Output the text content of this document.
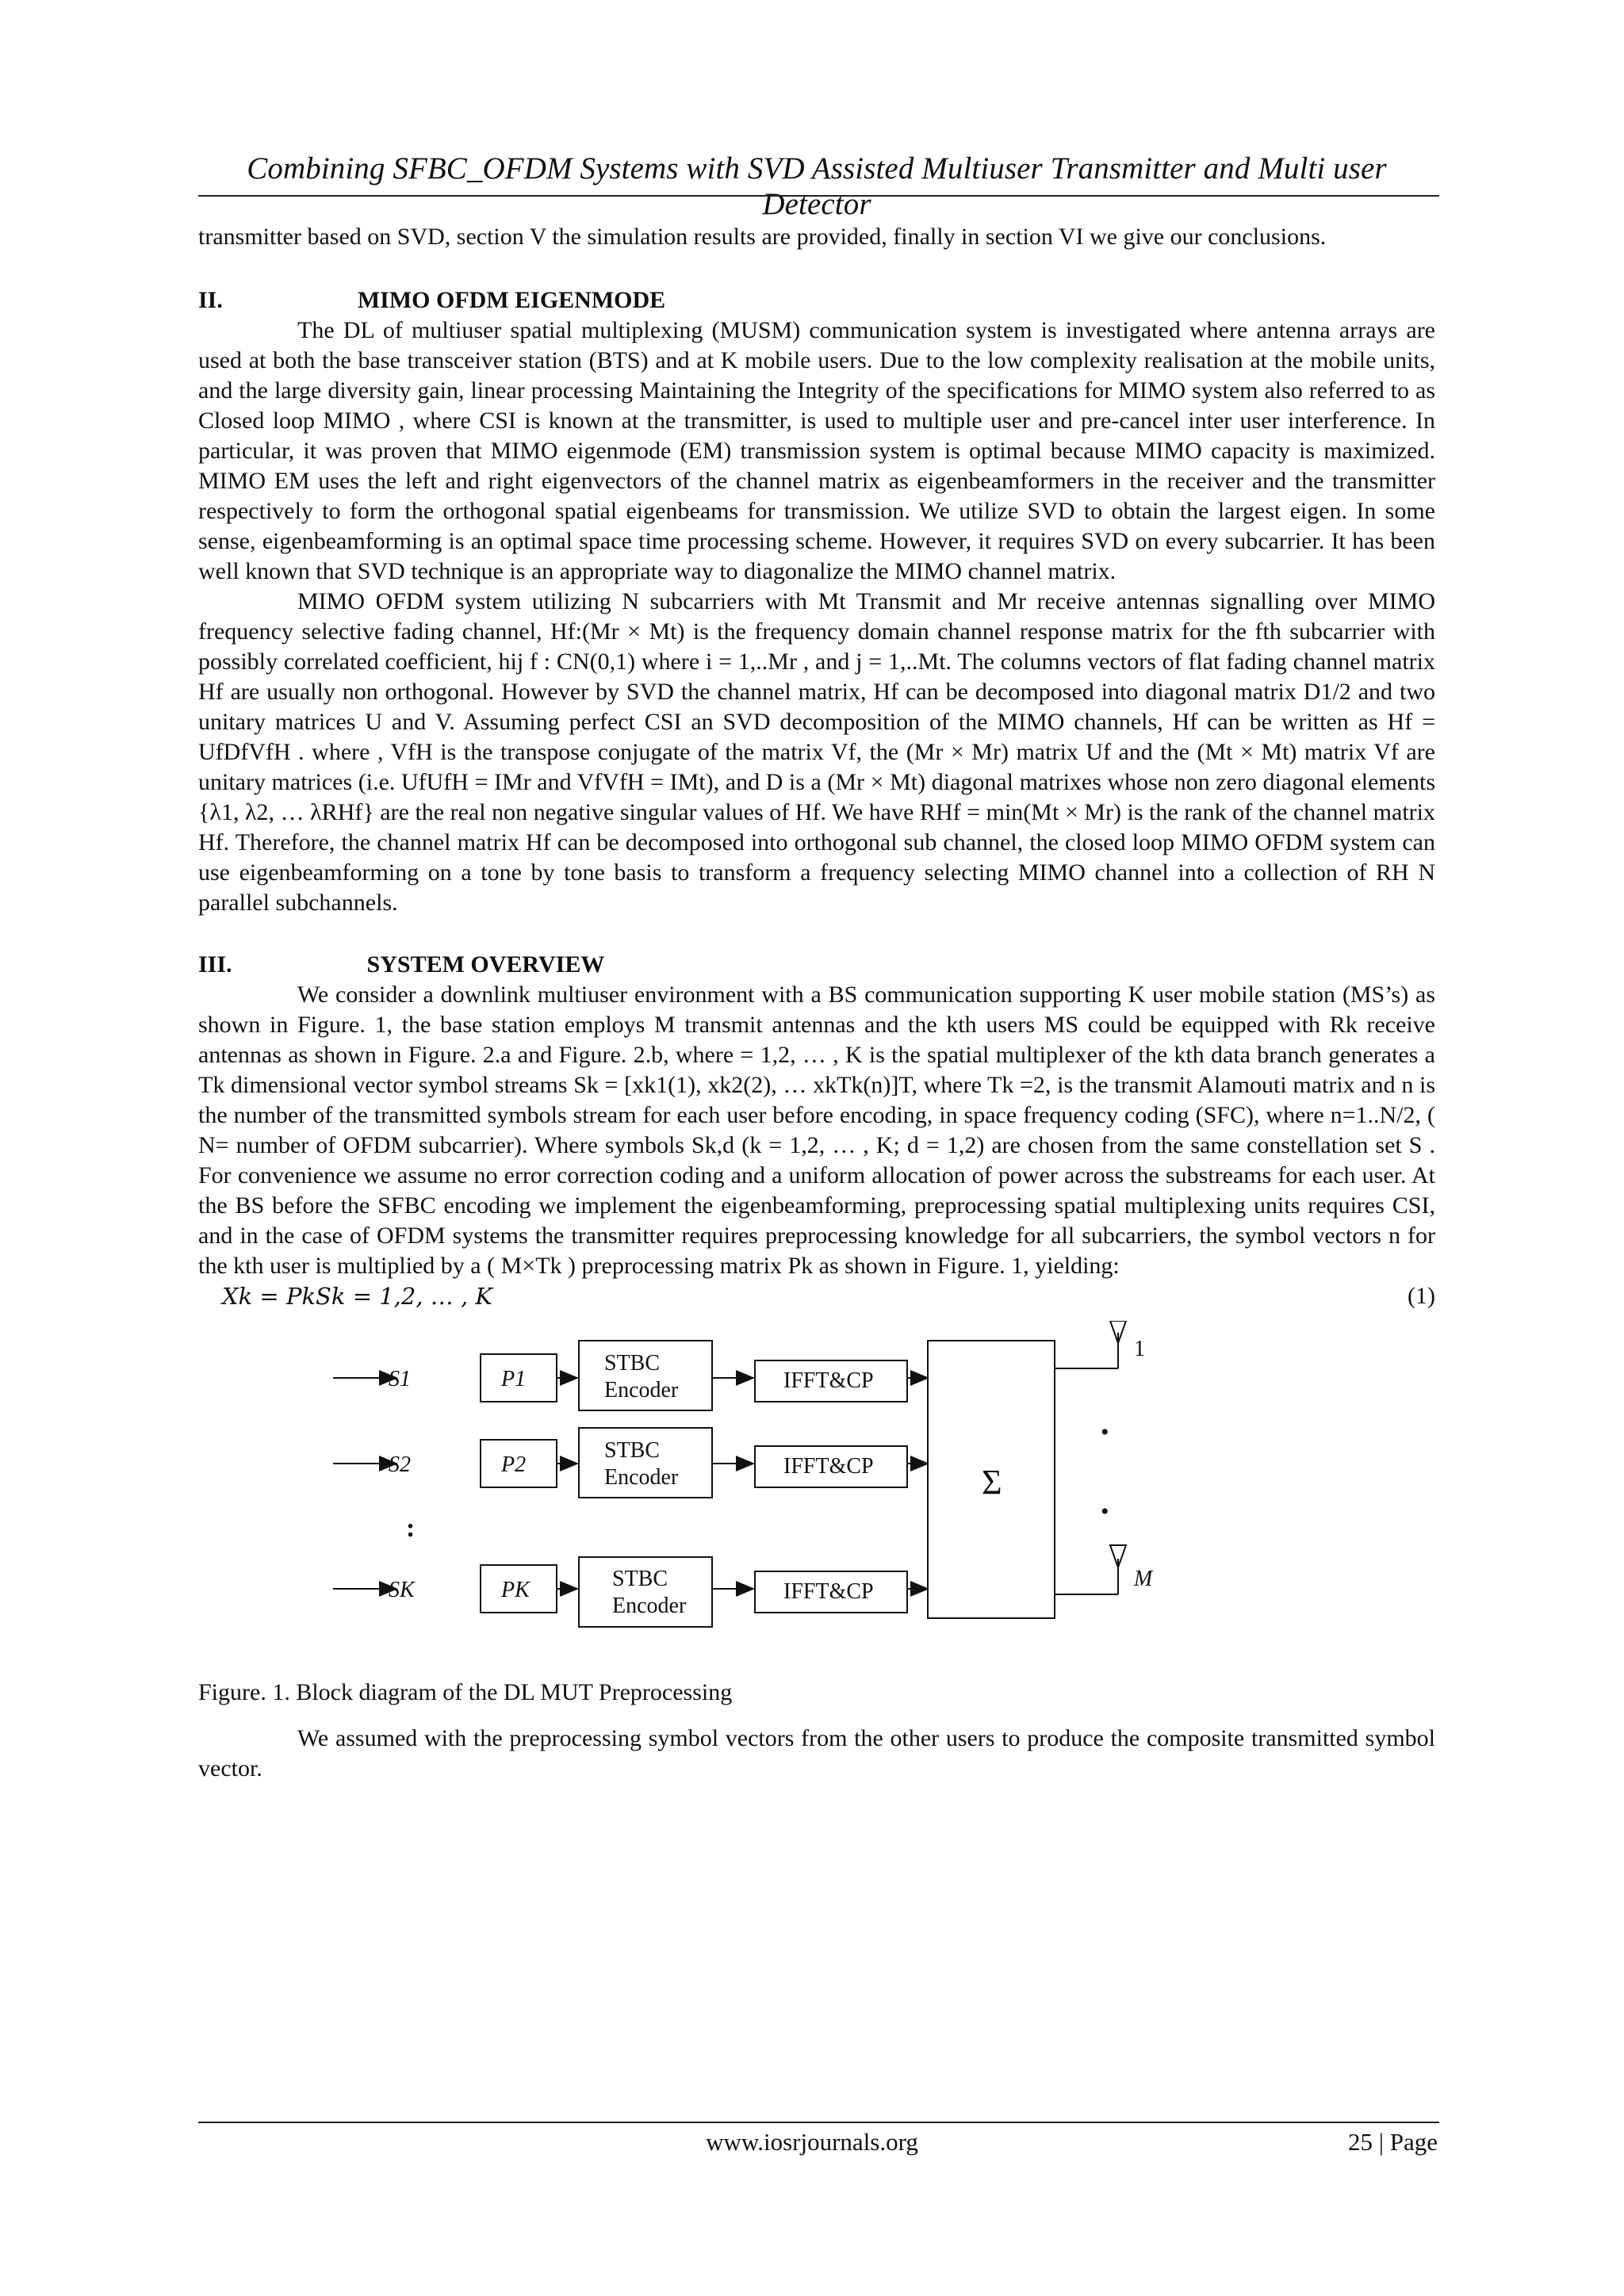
Combining SFBC_OFDM Systems with SVD Assisted Multiuser Transmitter and Multi user Detector

transmitter based on SVD, section V the simulation results are provided, finally in section VI we give our conclusions.

II.	MIMO OFDM EIGENMODE

The DL of multiuser spatial multiplexing (MUSM) communication system is investigated where antenna arrays are used at both the base transceiver station (BTS) and at K mobile users. Due to the low complexity realisation at the mobile units, and the large diversity gain, linear processing Maintaining the Integrity of the specifications for MIMO system also referred to as Closed loop MIMO , where CSI is known at the transmitter, is used to multiple user and pre-cancel inter user interference. In particular, it was proven that MIMO eigenmode (EM) transmission system is optimal because MIMO capacity is maximized. MIMO EM uses the left and right eigenvectors of the channel matrix as eigenbeamformers in the receiver and the transmitter respectively to form the orthogonal spatial eigenbeams for transmission. We utilize SVD to obtain the largest eigen. In some sense, eigenbeamforming is an optimal space time processing scheme. However, it requires SVD on every subcarrier. It has been well known that SVD technique is an appropriate way to diagonalize the MIMO channel matrix.

MIMO OFDM system utilizing N subcarriers with Mt Transmit and Mr receive antennas signalling over MIMO frequency selective fading channel, Hf:(Mr × Mt) is the frequency domain channel response matrix for the fth subcarrier with possibly correlated coefficient, hij f : CN(0,1) where i = 1,..Mr , and j = 1,..Mt. The columns vectors of flat fading channel matrix Hf are usually non orthogonal. However by SVD the channel matrix, Hf can be decomposed into diagonal matrix D1/2 and two unitary matrices U and V. Assuming perfect CSI an SVD decomposition of the MIMO channels, Hf can be written as Hf = UfDfVfH . where , VfH is the transpose conjugate of the matrix Vf, the (Mr × Mr) matrix Uf and the (Mt × Mt) matrix Vf are unitary matrices (i.e. UfUfH = IMr and VfVfH = IMt), and D is a (Mr × Mt) diagonal matrixes whose non zero diagonal elements {λ1, λ2, … λRHf} are the real non negative singular values of Hf. We have RHf = min(Mt × Mr) is the rank of the channel matrix Hf. Therefore, the channel matrix Hf can be decomposed into orthogonal sub channel, the closed loop MIMO OFDM system can use eigenbeamforming on a tone by tone basis to transform a frequency selecting MIMO channel into a collection of RH N parallel subchannels.

III.	SYSTEM OVERVIEW

We consider a downlink multiuser environment with a BS communication supporting K user mobile station (MS’s) as shown in Figure. 1, the base station employs M transmit antennas and the kth users MS could be equipped with Rk receive antennas as shown in Figure. 2.a and Figure. 2.b, where = 1,2, … , K is the spatial multiplexer of the kth data branch generates a Tk dimensional vector symbol streams Sk = [xk1(1), xk2(2), … xkTk(n)]T, where Tk =2, is the transmit Alamouti matrix and n is the number of the transmitted symbols stream for each user before encoding, in space frequency coding (SFC), where n=1..N/2, ( N= number of OFDM subcarrier). Where symbols Sk,d (k = 1,2, … , K; d = 1,2) are chosen from the same constellation set S . For convenience we assume no error correction coding and a uniform allocation of power across the substreams for each user. At the BS before the SFBC encoding we implement the eigenbeamforming, preprocessing spatial multiplexing units requires CSI, and in the case of OFDM systems the transmitter requires preprocessing knowledge for all subcarriers, the symbol vectors n for the kth user is multiplied by a ( M×Tk ) preprocessing matrix Pk as shown in Figure. 1, yielding:

Xk = PkSk = 1,2, … , K	(1)
S1
S2
SK
:
P1
P2
PK
STBC
Encoder
STBC
Encoder
STBC
Encoder
IFFT&CP
IFFT&CP
IFFT&CP
Σ
1
M
•
•

Figure. 1. Block diagram of the DL MUT Preprocessing

We assumed with the preprocessing symbol vectors from the other users to produce the composite transmitted symbol vector.

www.iosrjournals.org	25 | Page
